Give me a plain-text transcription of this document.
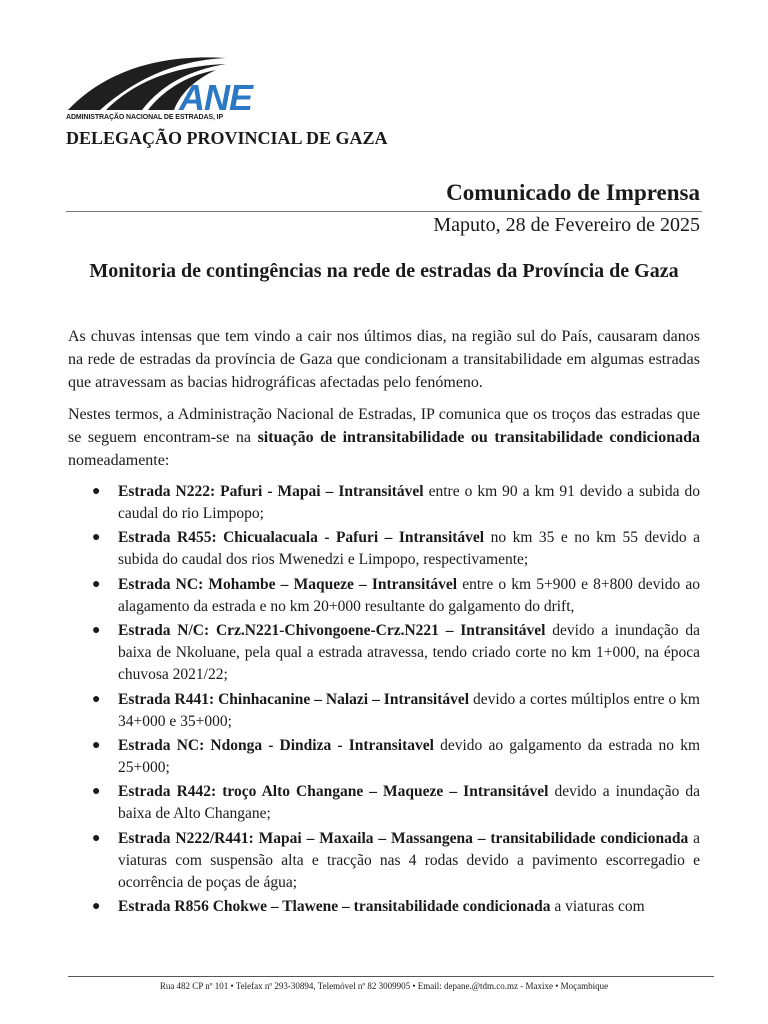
ANE
ADMINISTRAÇÃO NACIONAL DE ESTRADAS, IP
DELEGAÇÃO PROVINCIAL DE GAZA
Comunicado de Imprensa
Maputo, 28 de Fevereiro de 2025
Monitoria de contingências na rede de estradas da Província de Gaza

As chuvas intensas que tem vindo a cair nos últimos dias, na região sul do País, causaram danos na rede de estradas da província de Gaza que condicionam a transitabilidade em algumas estradas que atravessam as bacias hidrográficas afectadas pelo fenómeno.

Nestes termos, a Administração Nacional de Estradas, IP comunica que os troços das estradas que se seguem encontram-se na situação de intransitabilidade ou transitabilidade condicionada nomeadamente:

● Estrada N222: Pafuri - Mapai – Intransitável entre o km 90 a km 91 devido a subida do caudal do rio Limpopo;
● Estrada R455: Chicualacuala - Pafuri – Intransitável no km 35 e no km 55 devido a subida do caudal dos rios Mwenedzi e Limpopo, respectivamente;
● Estrada NC: Mohambe – Maqueze – Intransitável entre o km 5+900 e 8+800 devido ao alagamento da estrada e no km 20+000 resultante do galgamento do drift,
● Estrada N/C: Crz.N221-Chivongoene-Crz.N221 – Intransitável devido a inundação da baixa de Nkoluane, pela qual a estrada atravessa, tendo criado corte no km 1+000, na época chuvosa 2021/22;
● Estrada R441: Chinhacanine – Nalazi – Intransitável devido a cortes múltiplos entre o km 34+000 e 35+000;
● Estrada NC: Ndonga - Dindiza - Intransitavel devido ao galgamento da estrada no km 25+000;
● Estrada R442: troço Alto Changane – Maqueze – Intransitável devido a inundação da baixa de Alto Changane;
● Estrada N222/R441: Mapai – Maxaila – Massangena – transitabilidade condicionada a viaturas com suspensão alta e tracção nas 4 rodas devido a pavimento escorregadio e ocorrência de poças de água;
● Estrada R856 Chokwe – Tlawene – transitabilidade condicionada a viaturas com
Rua 482 CP nº 101 • Telefax nº 293-30894, Telemóvel nº 82 3009905 • Email: depane.@tdm.co.mz - Maxixe • Moçambique
